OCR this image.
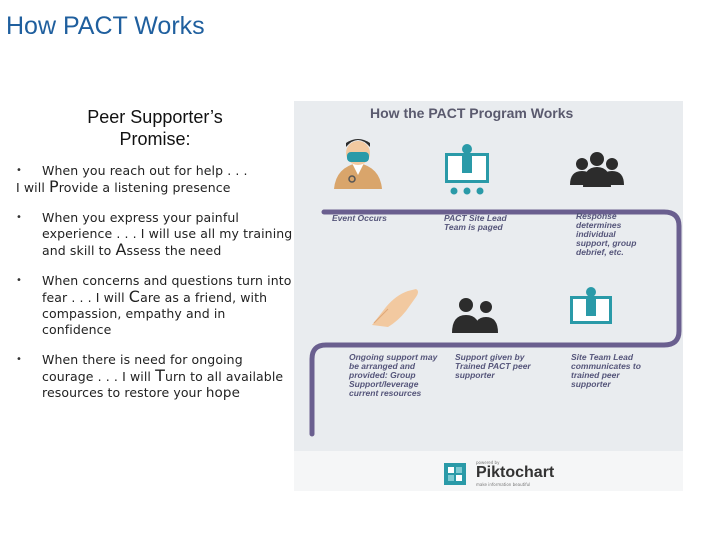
How PACT Works
Peer Supporter’s
Promise:
• When you reach out for help . . .
I will Provide a listening presence
• When you express your painful experience . . . I will use all my training and skill to Assess the need
• When concerns and questions turn into fear . . . I will Care as a friend, with compassion, empathy and in confidence
• When there is need for ongoing courage . . . I will Turn to all available resources to restore your hope
How the PACT Program Works
Event Occurs	PACT Site Lead Team is paged
Response determines individual support, group debrief, etc.
Ongoing support may be arranged and provided: Group Support/leverage current resources
Support given by Trained PACT peer supporter
Site Team Lead communicates to trained peer supporter
powered by
Piktochart
make information beautiful
